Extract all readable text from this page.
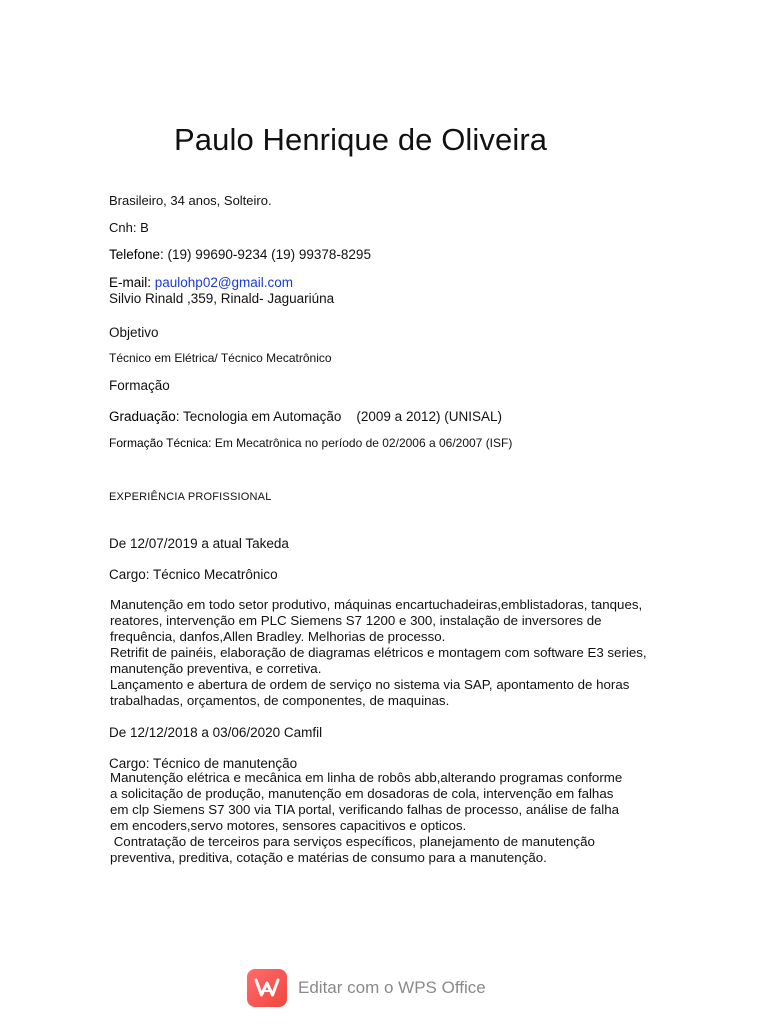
Paulo Henrique de Oliveira
Brasileiro, 34 anos, Solteiro.
Cnh: B
Telefone: (19) 99690-9234 (19) 99378-8295
E-mail: paulohp02@gmail.com
Silvio Rinald ,359, Rinald- Jaguariúna
Objetivo
Técnico em Elétrica/ Técnico Mecatrônico
Formação
Graduação: Tecnologia em Automação    (2009 a 2012) (UNISAL)
Formação Técnica: Em Mecatrônica no período de 02/2006 a 06/2007 (ISF)
EXPERIÊNCIA PROFISSIONAL
De 12/07/2019 a atual Takeda
Cargo: Técnico Mecatrônico
Manutenção em todo setor produtivo, máquinas encartuchadeiras,emblistadoras, tanques,
reatores, intervenção em PLC Siemens S7 1200 e 300, instalação de inversores de
frequência, danfos,Allen Bradley. Melhorias de processo.
Retrifit de painéis, elaboração de diagramas elétricos e montagem com software E3 series,
manutenção preventiva, e corretiva.
Lançamento e abertura de ordem de serviço no sistema via SAP, apontamento de horas
trabalhadas, orçamentos, de componentes, de maquinas.
De 12/12/2018 a 03/06/2020 Camfil
Cargo: Técnico de manutenção
Manutenção elétrica e mecânica em linha de robôs abb,alterando programas conforme
a solicitação de produção, manutenção em dosadoras de cola, intervenção em falhas
em clp Siemens S7 300 via TIA portal, verificando falhas de processo, análise de falha
em encoders,servo motores, sensores capacitivos e opticos.
Contratação de terceiros para serviços específicos, planejamento de manutenção
preventiva, preditiva, cotação e matérias de consumo para a manutenção.
Editar com o WPS Office
